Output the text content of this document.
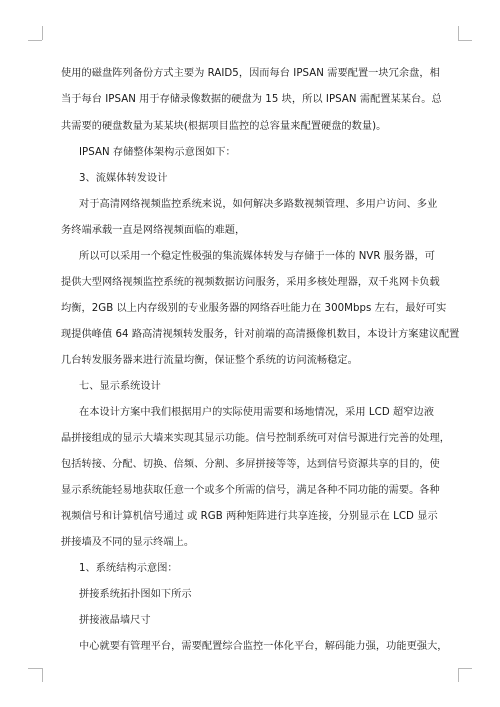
使用的磁盘阵列备份方式主要为 RAID5，因而每台 IPSAN 需要配置一块冗余盘，相
当于每台 IPSAN 用于存储录像数据的硬盘为 15 块，所以 IPSAN 需配置某某台。总
共需要的硬盘数量为某某块(根据项目监控的总容量来配置硬盘的数量)。
IPSAN 存储整体架构示意图如下：
3、流媒体转发设计
对于高清网络视频监控系统来说，如何解决多路数视频管理、多用户访问、多业
务终端承载一直是网络视频面临的难题，
所以可以采用一个稳定性极强的集流媒体转发与存储于一体的 NVR 服务器，可
提供大型网络视频监控系统的视频数据访问服务，采用多核处理器，双千兆网卡负载
均衡，2GB 以上内存级别的专业服务器的网络吞吐能力在 300Mbps 左右，最好可实
现提供峰值 64 路高清视频转发服务，针对前端的高清摄像机数目，本设计方案建议配置
几台转发服务器来进行流量均衡，保证整个系统的访问流畅稳定。
七、显示系统设计
在本设计方案中我们根据用户的实际使用需要和场地情况，采用 LCD 超窄边液
晶拼接组成的显示大墙来实现其显示功能。信号控制系统可对信号源进行完善的处理，
包括转接、分配、切换、倍频、分割、多屏拼接等等，达到信号资源共享的目的，使
显示系统能轻易地获取任意一个或多个所需的信号，满足各种不同功能的需要。各种
视频信号和计算机信号通过 或 RGB 两种矩阵进行共享连接，分别显示在 LCD 显示
拼接墙及不同的显示终端上。
1、系统结构示意图：
拼接系统拓扑图如下所示
拼接液晶墙尺寸
中心就要有管理平台，需要配置综合监控一体化平台，解码能力强，功能更强大，
